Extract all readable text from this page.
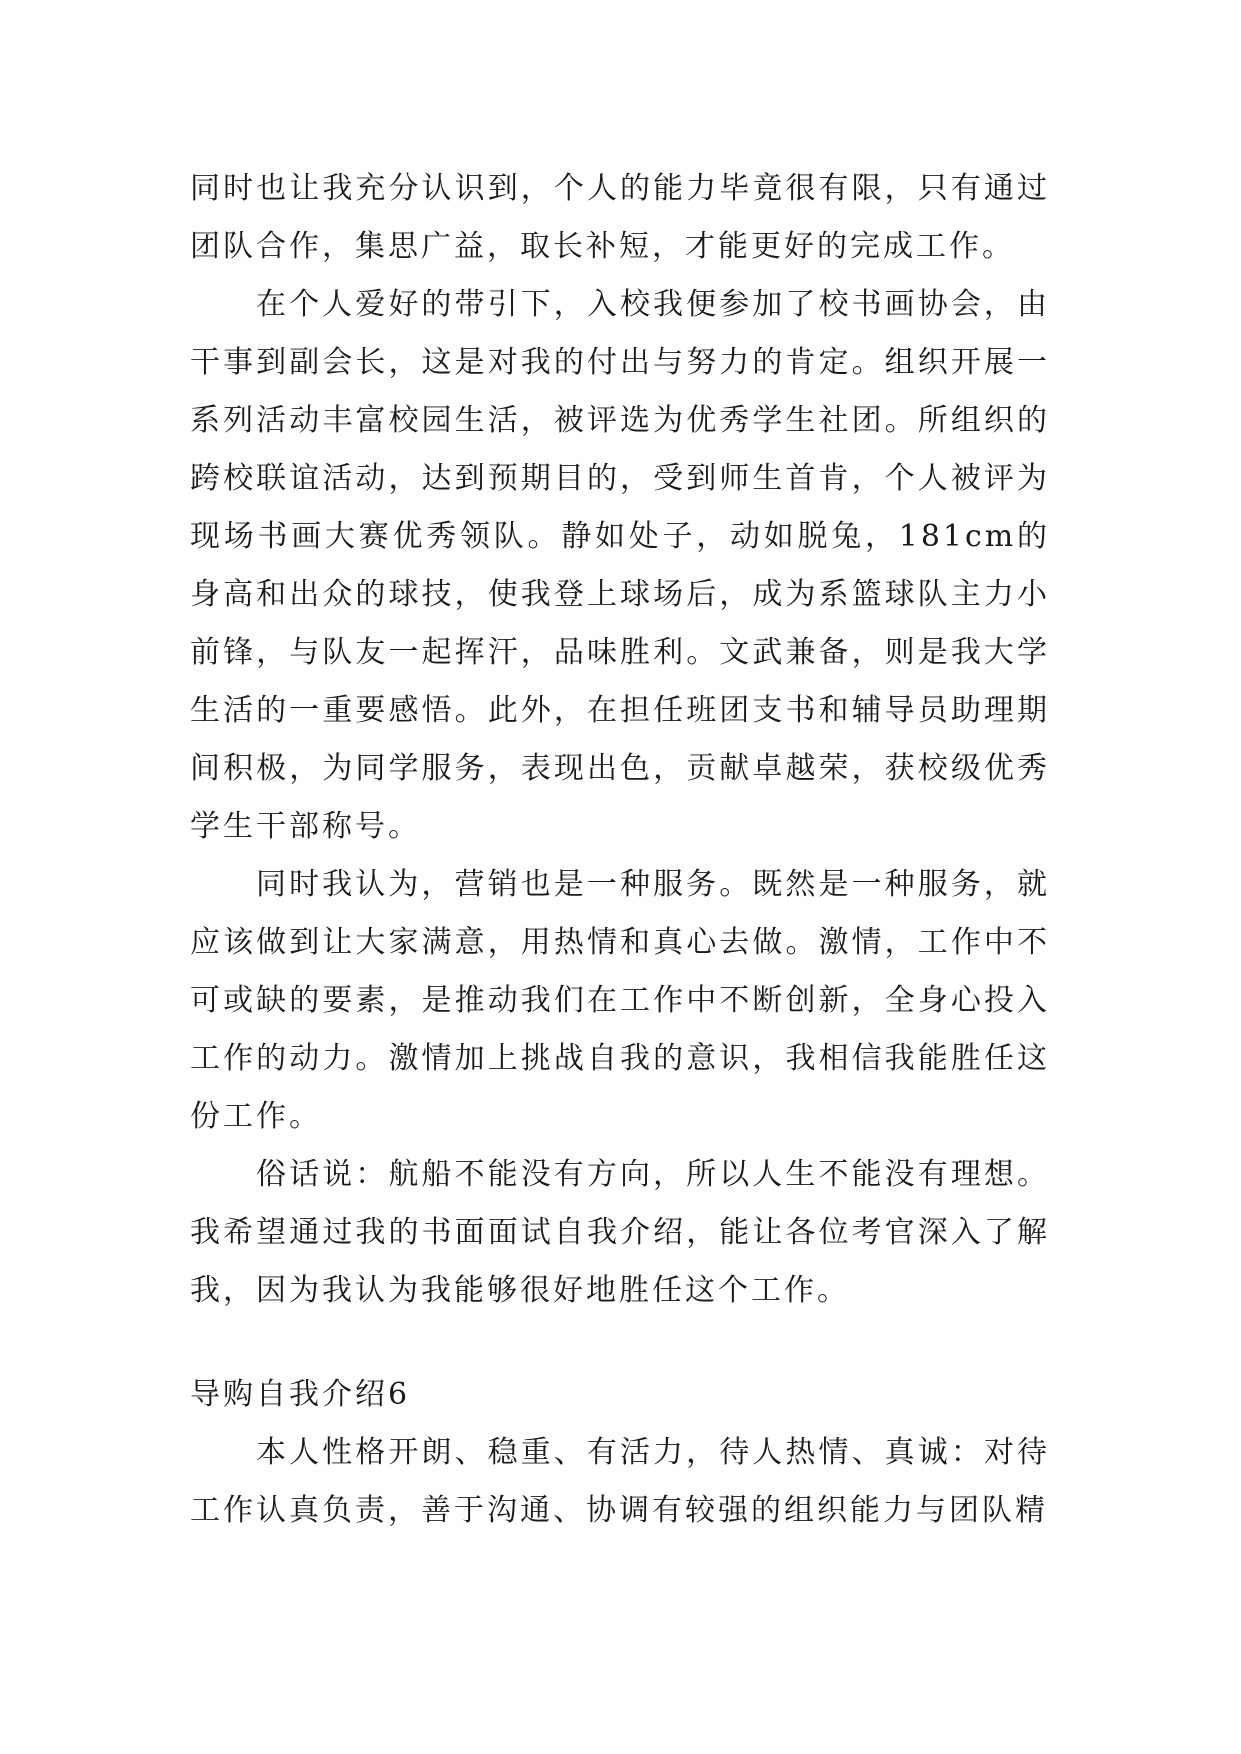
同时也让我充分认识到，个人的能力毕竟很有限，只有通过团队合作，集思广益，取长补短，才能更好的完成工作。

在个人爱好的带引下，入校我便参加了校书画协会，由干事到副会长，这是对我的付出与努力的肯定。组织开展一系列活动丰富校园生活，被评选为优秀学生社团。所组织的跨校联谊活动，达到预期目的，受到师生首肯，个人被评为现场书画大赛优秀领队。静如处子，动如脱兔，181cm的身高和出众的球技，使我登上球场后，成为系篮球队主力小前锋，与队友一起挥汗，品味胜利。文武兼备，则是我大学生活的一重要感悟。此外，在担任班团支书和辅导员助理期间积极，为同学服务，表现出色，贡献卓越荣，获校级优秀学生干部称号。

同时我认为，营销也是一种服务。既然是一种服务，就应该做到让大家满意，用热情和真心去做。激情，工作中不可或缺的要素，是推动我们在工作中不断创新，全身心投入工作的动力。激情加上挑战自我的意识，我相信我能胜任这份工作。

俗话说：航船不能没有方向，所以人生不能没有理想。我希望通过我的书面面试自我介绍，能让各位考官深入了解我，因为我认为我能够很好地胜任这个工作。

导购自我介绍6

本人性格开朗、稳重、有活力，待人热情、真诚：对待工作认真负责，善于沟通、协调有较强的组织能力与团队精
